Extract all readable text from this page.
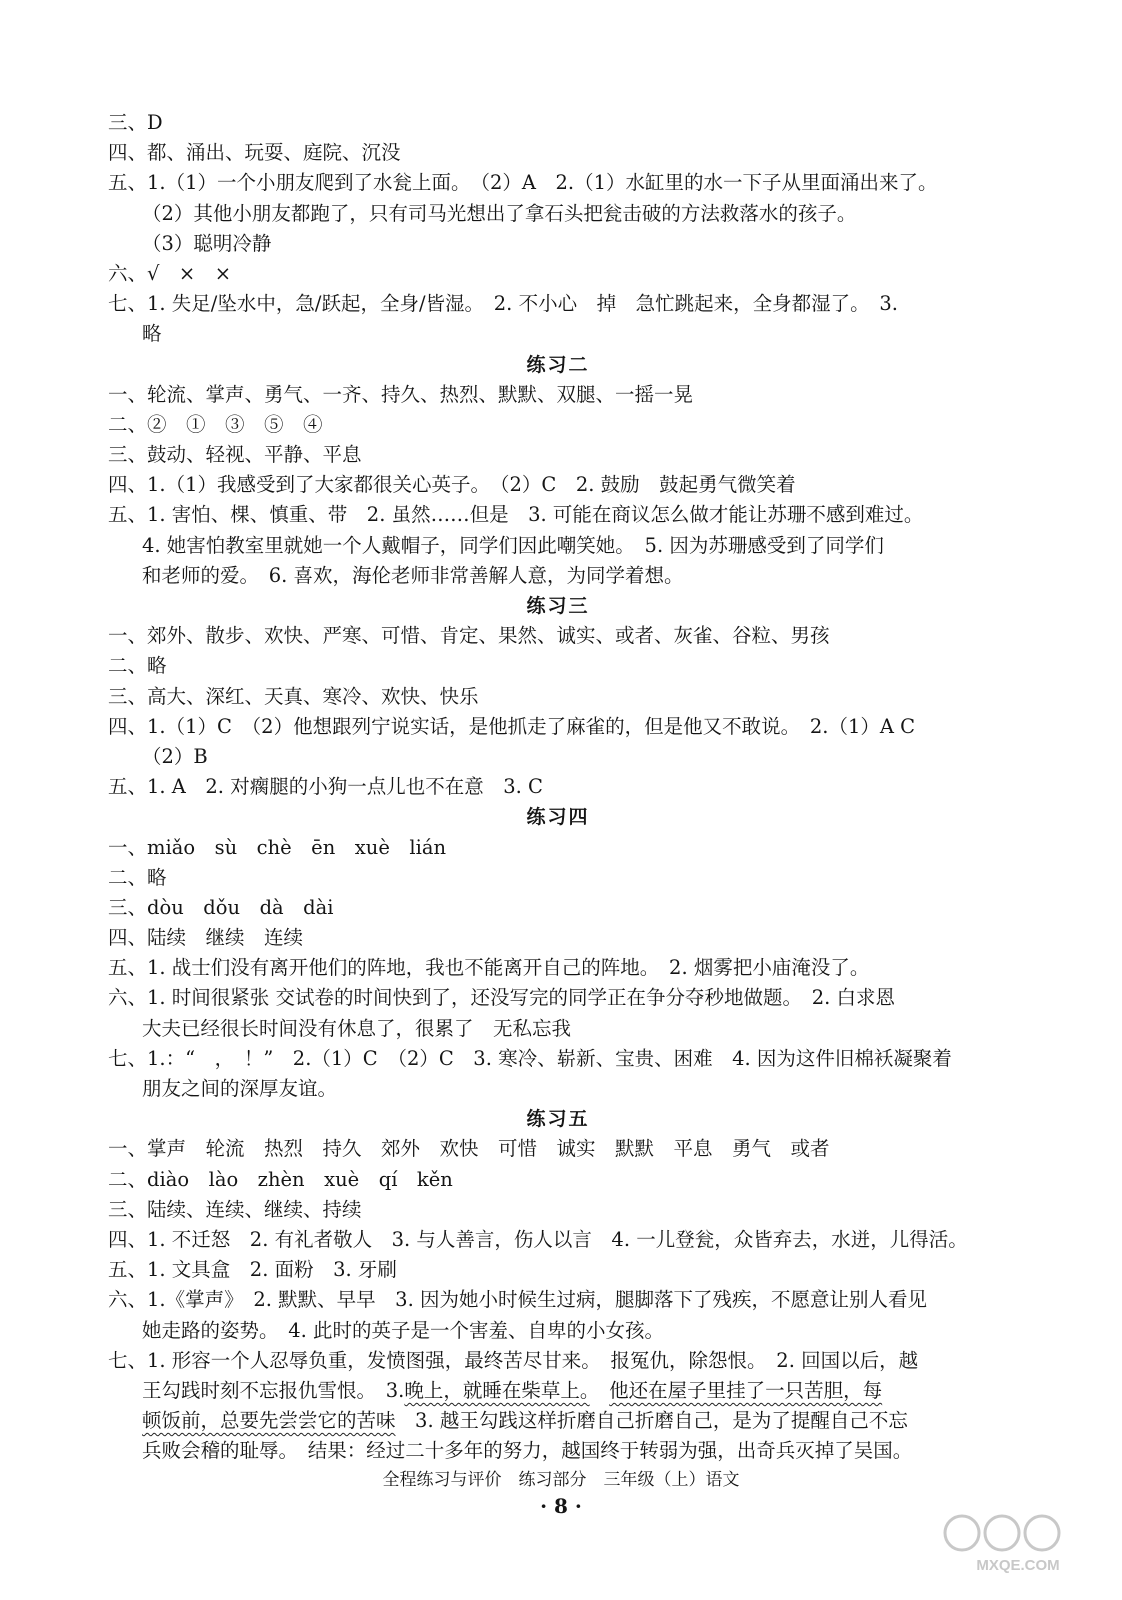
三、D
四、都、涌出、玩耍、庭院、沉没
五、1.（1）一个小朋友爬到了水瓮上面。　（2）A　2.（1）水缸里的水一下子从里面涌出来了。
（2）其他小朋友都跑了，只有司马光想出了拿石头把瓮击破的方法救落水的孩子。
（3）聪明冷静
六、√　×　×
七、1. 失足/坠水中，急/跃起，全身/皆湿。　2. 不小心　掉　急忙跳起来，全身都湿了。　3.
略
练习二
一、轮流、掌声、勇气、一齐、持久、热烈、默默、双腿、一摇一晃
二、②　①　③　⑤　④
三、鼓动、轻视、平静、平息
四、1.（1）我感受到了大家都很关心英子。　（2）C　2. 鼓励　鼓起勇气微笑着
五、1. 害怕、棵、慎重、带　2. 虽然……但是　3. 可能在商议怎么做才能让苏珊不感到难过。
4. 她害怕教室里就她一个人戴帽子，同学们因此嘲笑她。　5. 因为苏珊感受到了同学们
和老师的爱。　6. 喜欢，海伦老师非常善解人意，为同学着想。
练习三
一、郊外、散步、欢快、严寒、可惜、肯定、果然、诚实、或者、灰雀、谷粒、男孩
二、略
三、高大、深红、天真、寒冷、欢快、快乐
四、1.（1）C　（2）他想跟列宁说实话，是他抓走了麻雀的，但是他又不敢说。　2.（1）A C
（2）B
五、1. A　2. 对瘸腿的小狗一点儿也不在意　3. C
练习四
一、miǎo　sù　chè　ēn　xuè　lián
二、略
三、dòu　dǒu　dà　dài
四、陆续　继续　连续
五、1. 战士们没有离开他们的阵地，我也不能离开自己的阵地。　2. 烟雾把小庙淹没了。
六、1. 时间很紧张 交试卷的时间快到了，还没写完的同学正在争分夺秒地做题。　2. 白求恩
大夫已经很长时间没有休息了，很累了　无私忘我
七、1.：“　，　！”　2.（1）C　（2）C　3. 寒冷、崭新、宝贵、困难　4. 因为这件旧棉袄凝聚着
朋友之间的深厚友谊。
练习五
一、掌声　轮流　热烈　持久　郊外　欢快　可惜　诚实　默默　平息　勇气　或者
二、diào　lào　zhèn　xuè　qí　kěn
三、陆续、连续、继续、持续
四、1. 不迁怒　2. 有礼者敬人　3. 与人善言，伤人以言　4. 一儿登瓮，众皆弃去，水迸，儿得活。
五、1. 文具盒　2. 面粉　3. 牙刷
六、1.《掌声》　2. 默默、早早　3. 因为她小时候生过病，腿脚落下了残疾，不愿意让别人看见
她走路的姿势。　4. 此时的英子是一个害羞、自卑的小女孩。
七、1. 形容一个人忍辱负重，发愤图强，最终苦尽甘来。　报冤仇，除怨恨。　2. 回国以后，越
王勾践时刻不忘报仇雪恨。　3.晚上，就睡在柴草上。　 他还在屋子里挂了一只苦胆，每
顿饭前，总要先尝尝它的苦味　 3. 越王勾践这样折磨自己折磨自己，是为了提醒自己不忘
兵败会稽的耻辱。　结果：经过二十多年的努力，越国终于转弱为强，出奇兵灭掉了吴国。
全程练习与评价　练习部分　三年级（上）语文
· 8 ·
MXQE.COM
